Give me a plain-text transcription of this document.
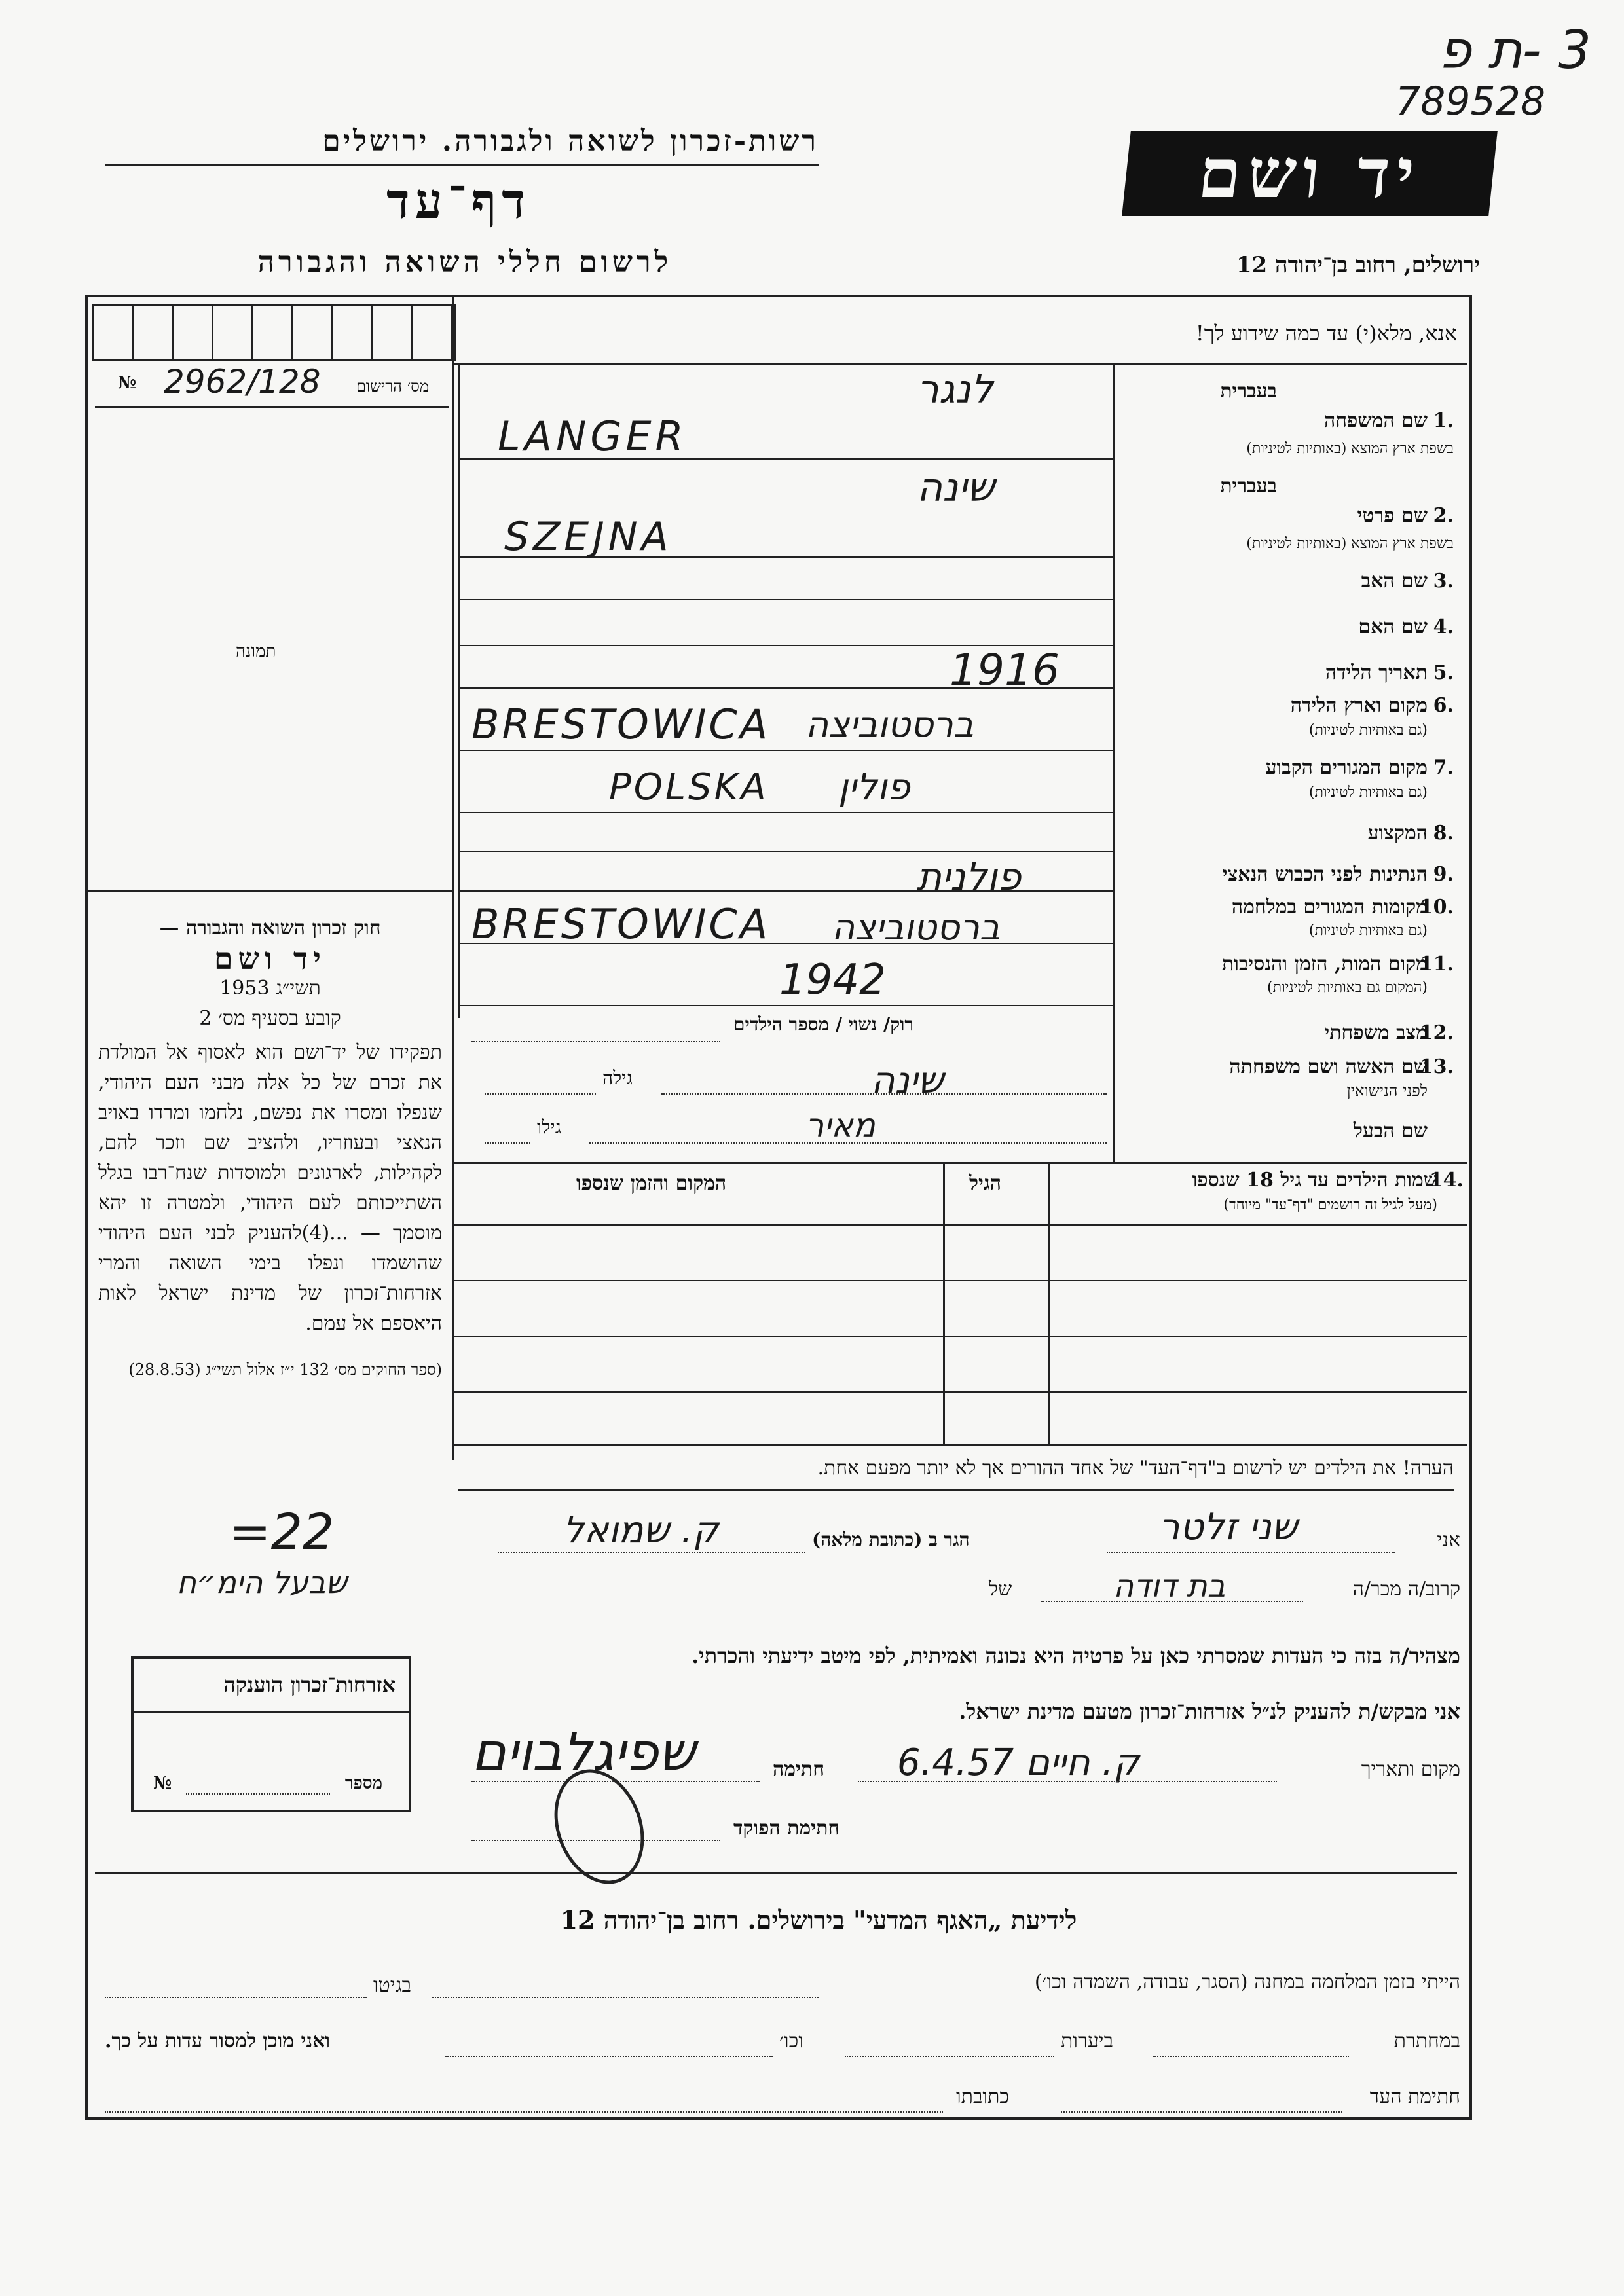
3 -ת פ
789528
רשות-זכרון לשואה ולגבורה. ירושלים
דף־עד
לרשום חללי השואה והגבורה
יד ושם
ירושלים, רחוב בן־יהודה 12
אנא, מלא(י) עד כמה שידוע לך!
№ 2962/128 מס׳ הרישום
תמונה

חוק זכרון השואה והגבורה —

יד ושם

תשי״ג 1953

קובע בסעיף מס׳ 2

תפקידו של יד־ושם הוא לאסוף אל המולדת את זכרם של כל אלה מבני העם היהודי, שנפלו ומסרו את נפשם, נלחמו ומרדו באויב הנאצי ובעוזריו, ולהציב שם וזכר להם, לקהילות, לארגונים ולמוסדות שנח־רבו בגלל השתייכותם לעם היהודי, ולמטרה זו יהא מוסמך — ...(4)להעניק לבני העם היהודי שהושמדו ונפלו בימי השואה והמרי אזרחות־זכרון של מדינת ישראל לאות היאספם אל עמם.

(ספר החוקים מס׳ 132 י״ז אלול תשי״ג (28.8.53)

בעברית
1.
שם המשפחה
בשפת ארץ המוצא (באותיות לטיניות)
לנגר
LANGER
בעברית
2.
שם פרטי
בשפת ארץ המוצא (באותיות לטיניות)
שינה
SZEJNA
3.
שם האב
4.
שם האם
5.
תאריך הלידה
1916
6.
מקום וארץ הלידה
(גם באותיות לטיניות)
BRESTOWICA ברסטוביצה
7.
מקום המגורים הקבוע
(גם באותיות לטיניות)
POLSKA פולין
8.
המקצוע
9.
הנתינות לפני הכבוש הנאצי
פולנית
10.
מקומות המגורים במלחמה
(גם באותיות לטיניות)
BRESTOWICA ברסטוביצה
11.
מקום המות, הזמן והנסיבות
(המקום גם באותיות לטיניות)
1942
12.
מצב משפחתי
רוק/ נשוי / מספר הילדים
13.
שם האשה ושם משפחתה
לפני הנישואין
גילה	שינה
שם הבעל
גילו	מאיר
14.
שמות הילדים עד גיל 18 שנספו
(מעל לגיל זה רושמים "דף־עד" מיוחד)
הגיל
המקום והזמן שנספו
הערה! את הילדים יש לרשום ב"דף־העד" של אחד ההורים אך לא יותר מפעם אחת.
אני
שני זלטר
הגר ב (כתובת מלאה)
ק. שמואל
=22
שבעל הימ״ח	קרוב/ה מכר/ה
בת דודה
של
מצהיר/ה בזה כי העדות שמסרתי כאן על פרטיה היא נכונה ואמיתית, לפי מיטב ידיעתי והכרתי.
אני מבקש/ת להעניק לנ״ל אזרחות־זכרון מטעם מדינת ישראל.
מקום ותאריך
ק. חיים 6.4.57
חתימה
שפיגלבוים
חתימת הפוקד
אזרחות־זכרון הוענקה
מספר
№
לידיעת „האגף המדעי" בירושלים. רחוב בן־יהודה 12
הייתי בזמן המלחמה במחנה (הסגר, עבודה, השמדה וכו׳)
בגיטו
במחתרת
ביערות
וכו׳
ואני מוכן למסור עדות על כך.
חתימת העד
כתובתו
